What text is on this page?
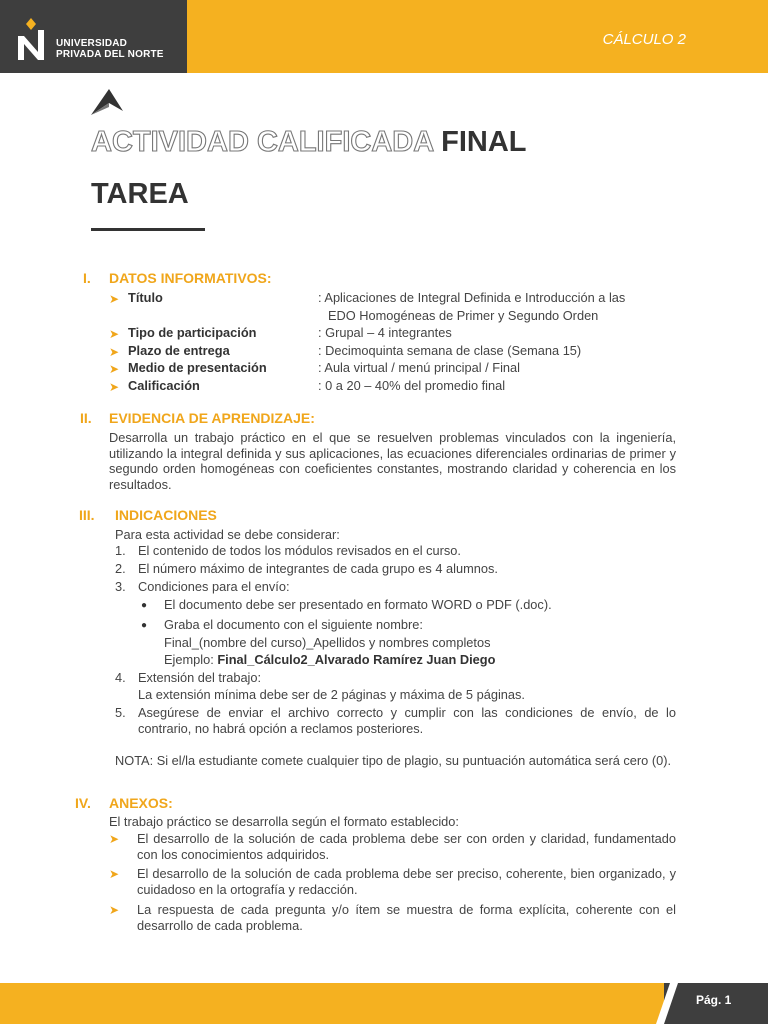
UNIVERSIDAD
PRIVADA DEL NORTE
CÁLCULO 2
ACTIVIDAD CALIFICADA FINAL
TAREA
I. DATOS INFORMATIVOS:
➤ Título	: Aplicaciones de Integral Definida e Introducción a las
EDO Homogéneas de Primer y Segundo Orden
➤ Tipo de participación	: Grupal – 4 integrantes
➤ Plazo de entrega	: Decimoquinta semana de clase (Semana 15)
➤ Medio de presentación	: Aula virtual / menú principal / Final
➤ Calificación	: 0 a 20 – 40% del promedio final
II. EVIDENCIA DE APRENDIZAJE:
Desarrolla un trabajo práctico en el que se resuelven problemas vinculados con la ingeniería, utilizando la integral definida y sus aplicaciones, las ecuaciones diferenciales ordinarias de primer y segundo orden homogéneas con coeficientes constantes, mostrando claridad y coherencia en los resultados.
III. INDICACIONES
Para esta actividad se debe considerar:
1. El contenido de todos los módulos revisados en el curso.
2. El número máximo de integrantes de cada grupo es 4 alumnos.
3. Condiciones para el envío:
● El documento debe ser presentado en formato WORD o PDF (.doc).
● Graba el documento con el siguiente nombre:
Final_(nombre del curso)_Apellidos y nombres completos
Ejemplo: Final_Cálculo2_Alvarado Ramírez Juan Diego
4. Extensión del trabajo:
La extensión mínima debe ser de 2 páginas y máxima de 5 páginas.
5. Asegúrese de enviar el archivo correcto y cumplir con las condiciones de envío, de lo contrario, no habrá opción a reclamos posteriores.
NOTA: Si el/la estudiante comete cualquier tipo de plagio, su puntuación automática será cero (0).
IV. ANEXOS:
El trabajo práctico se desarrolla según el formato establecido:
➤ El desarrollo de la solución de cada problema debe ser con orden y claridad, fundamentado con los conocimientos adquiridos.
➤ El desarrollo de la solución de cada problema debe ser preciso, coherente, bien organizado, y cuidadoso en la ortografía y redacción.
➤ La respuesta de cada pregunta y/o ítem se muestra de forma explícita, coherente con el desarrollo de cada problema.
Pág. 1
